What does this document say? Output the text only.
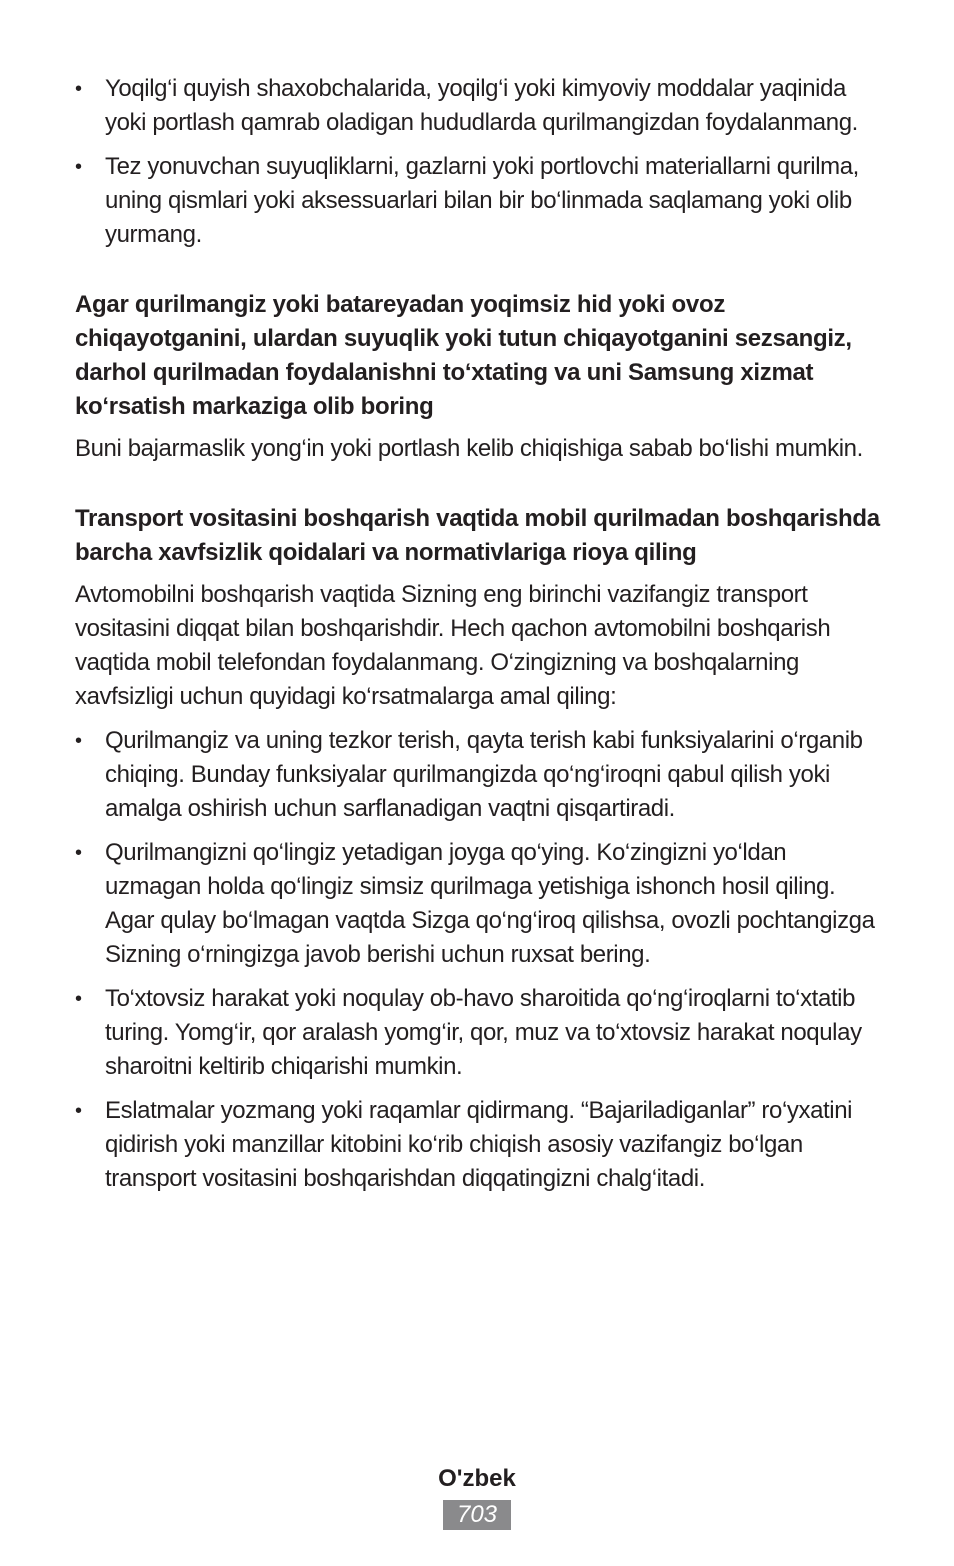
• Yoqilg‘i quyish shaxobchalarida, yoqilg‘i yoki kimyoviy moddalar yaqinida yoki portlash qamrab oladigan hududlarda qurilmangizdan foydalanmang.
• Tez yonuvchan suyuqliklarni, gazlarni yoki portlovchi materiallarni qurilma, uning qismlari yoki aksessuarlari bilan bir bo‘linmada saqlamang yoki olib yurmang.

Agar qurilmangiz yoki batareyadan yoqimsiz hid yoki ovoz chiqayotganini, ulardan suyuqlik yoki tutun chiqayotganini sezsangiz, darhol qurilmadan foydalanishni to‘xtating va uni Samsung xizmat ko‘rsatish markaziga olib boring

Buni bajarmaslik yong‘in yoki portlash kelib chiqishiga sabab bo‘lishi mumkin.

Transport vositasini boshqarish vaqtida mobil qurilmadan boshqarishda barcha xavfsizlik qoidalari va normativlariga rioya qiling

Avtomobilni boshqarish vaqtida Sizning eng birinchi vazifangiz transport vositasini diqqat bilan boshqarishdir. Hech qachon avtomobilni boshqarish vaqtida mobil telefondan foydalanmang. O‘zingizning va boshqalarning xavfsizligi uchun quyidagi ko‘rsatmalarga amal qiling:

• Qurilmangiz va uning tezkor terish, qayta terish kabi funksiyalarini o‘rganib chiqing. Bunday funksiyalar qurilmangizda qo‘ng‘iroqni qabul qilish yoki amalga oshirish uchun sarflanadigan vaqtni qisqartiradi.
• Qurilmangizni qo‘lingiz yetadigan joyga qo‘ying. Ko‘zingizni yo‘ldan uzmagan holda qo‘lingiz simsiz qurilmaga yetishiga ishonch hosil qiling. Agar qulay bo‘lmagan vaqtda Sizga qo‘ng‘iroq qilishsa, ovozli pochtangizga Sizning o‘rningizga javob berishi uchun ruxsat bering.
• To‘xtovsiz harakat yoki noqulay ob-havo sharoitida qo‘ng‘iroqlarni to‘xtatib turing. Yomg‘ir, qor aralash yomg‘ir, qor, muz va to‘xtovsiz harakat noqulay sharoitni keltirib chiqarishi mumkin.
• Eslatmalar yozmang yoki raqamlar qidirmang. “Bajariladiganlar” ro‘yxatini qidirish yoki manzillar kitobini ko‘rib chiqish asosiy vazifangiz bo‘lgan transport vositasini boshqarishdan diqqatingizni chalg‘itadi.
O'zbek
703
